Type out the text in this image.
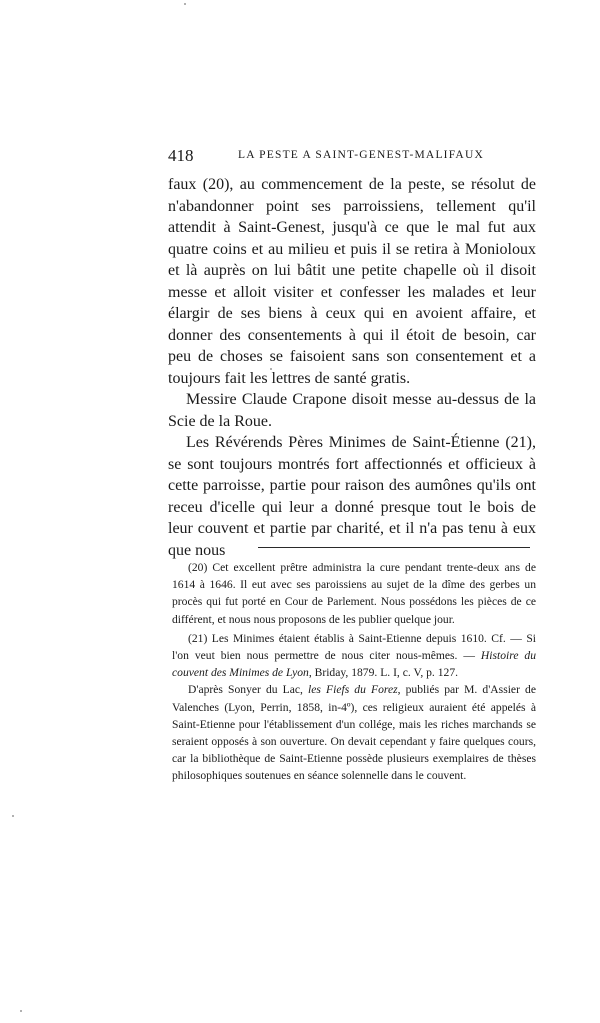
418	LA PESTE A SAINT-GENEST-MALIFAUX

faux (20), au commencement de la peste, se résolut de n'abandonner point ses parroissiens, tellement qu'il attendit à Saint-Genest, jusqu'à ce que le mal fut aux quatre coins et au milieu et puis il se retira à Monioloux et là auprès on lui bâtit une petite chapelle où il disoit messe et alloit visiter et confesser les malades et leur élargir de ses biens à ceux qui en avoient affaire, et donner des consentements à qui il étoit de besoin, car peu de choses se faisoient sans son consentement et a toujours fait les lettres de santé gratis.

Messire Claude Crapone disoit messe au-dessus de la Scie de la Roue.

Les Révérends Pères Minimes de Saint-Étienne (21), se sont toujours montrés fort affectionnés et officieux à cette parroisse, partie pour raison des aumônes qu'ils ont receu d'icelle qui leur a donné presque tout le bois de leur couvent et partie par charité, et il n'a pas tenu à eux que nous

(20) Cet excellent prêtre administra la cure pendant trente-deux ans de 1614 à 1646. Il eut avec ses paroissiens au sujet de la dîme des gerbes un procès qui fut porté en Cour de Parlement. Nous possédons les pièces de ce différent, et nous nous proposons de les publier quelque jour.

(21) Les Minimes étaient établis à Saint-Etienne depuis 1610. Cf. — Si l'on veut bien nous permettre de nous citer nous-mêmes. — Histoire du couvent des Minimes de Lyon, Briday, 1879. L. I, c. V, p. 127.

D'après Sonyer du Lac, les Fiefs du Forez, publiés par M. d'Assier de Valenches (Lyon, Perrin, 1858, in-4º), ces religieux auraient été appelés à Saint-Etienne pour l'établissement d'un collége, mais les riches marchands se seraient opposés à son ouverture. On devait cependant y faire quelques cours, car la bibliothèque de Saint-Etienne possède plusieurs exemplaires de thèses philosophiques soutenues en séance solennelle dans le couvent.
